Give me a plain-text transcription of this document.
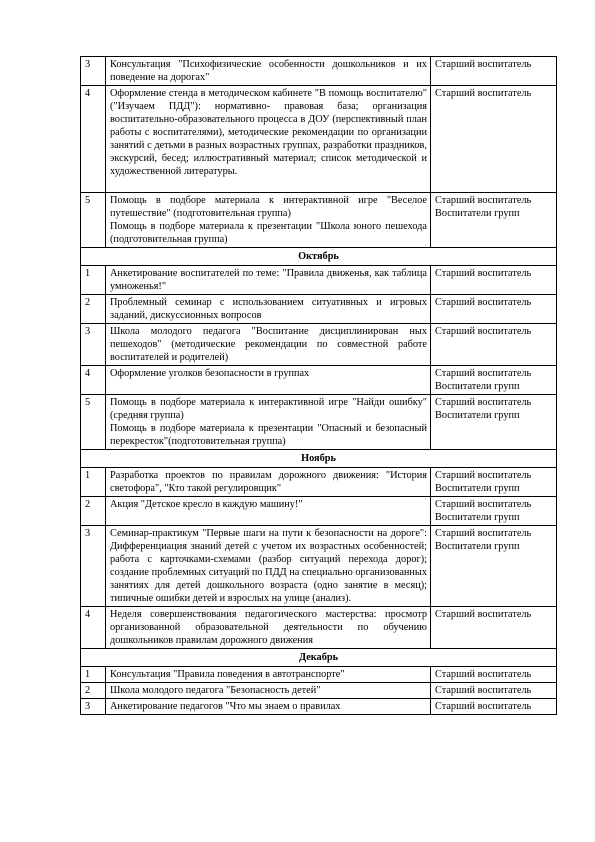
3	Консультация "Психофизические особенности дошкольников и их поведение на дорогах"	Старший воспитатель

4	Оформление стенда в методическом кабинете "В помощь воспитателю" ("Изучаем ПДД"): нормативно- правовая база; организация воспитательно-образовательного процесса в ДОУ (перспективный план работы с воспитателями), методические рекомендации по организации занятий с детьми в разных возрастных группах, разработки праздников, экскурсий, бесед; иллюстративный материал; список методической и художественной литературы.	Старший воспитатель

5	Помощь в подборе материала к интерактивной игре "Веселое путешествие" (подготовительная группа)
Помощь в подборе материала к презентации "Школа юного пешехода (подготовительная группа)	Старший воспитатель
Воспитатели групп

Октябрь		
1	Анкетирование воспитателей по теме: "Правила движенья, как таблица умноженья!"	Старший воспитатель

2	Проблемный семинар с использованием ситуативных и игровых заданий, дискуссионных вопросов	Старший воспитатель

3	Школа молодого педагога "Воспитание дисциплинирован ных пешеходов" (методические рекомендации по совместной работе воспитателей и родителей)	Старший воспитатель

4	Оформление уголков безопасности в группах	Старший воспитатель
Воспитатели групп

5	Помощь в подборе материала к интерактивной игре "Найди ошибку" (средняя группа)
Помощь в подборе материала к презентации "Опасный и безопасный перекресток"(подготовительная группа)	Старший воспитатель
Воспитатели групп

Ноябрь		
1	Разработка проектов по правилам дорожного движения: "История светофора", "Кто такой регулировщик"	Старший воспитатель
Воспитатели групп

2	Акция "Детское кресло в каждую машину!"	Старший воспитатель
Воспитатели групп

3	Семинар-практикум "Первые шаги на пути к безопасности на дороге": Дифференциация знаний детей с учетом их возрастных особенностей; работа с карточками-схемами (разбор ситуаций перехода дорог); создание проблемных ситуаций по ПДД на специально организованных занятиях для детей дошкольного возраста (одно занятие в месяц); типичные ошибки детей и взрослых на улице (анализ).	Старший воспитатель
Воспитатели групп

4	Неделя совершенствования педагогического мастерства: просмотр организованной образовательной деятельности по обучению дошкольников правилам дорожного движения	Старший воспитатель

Декабрь		
1	Консультация "Правила поведения в автотранспорте"	Старший воспитатель

2	Школа молодого педагога "Безопасность детей"	Старший воспитатель

3	Анкетирование педагогов "Что мы знаем о правилах	Старший воспитатель
